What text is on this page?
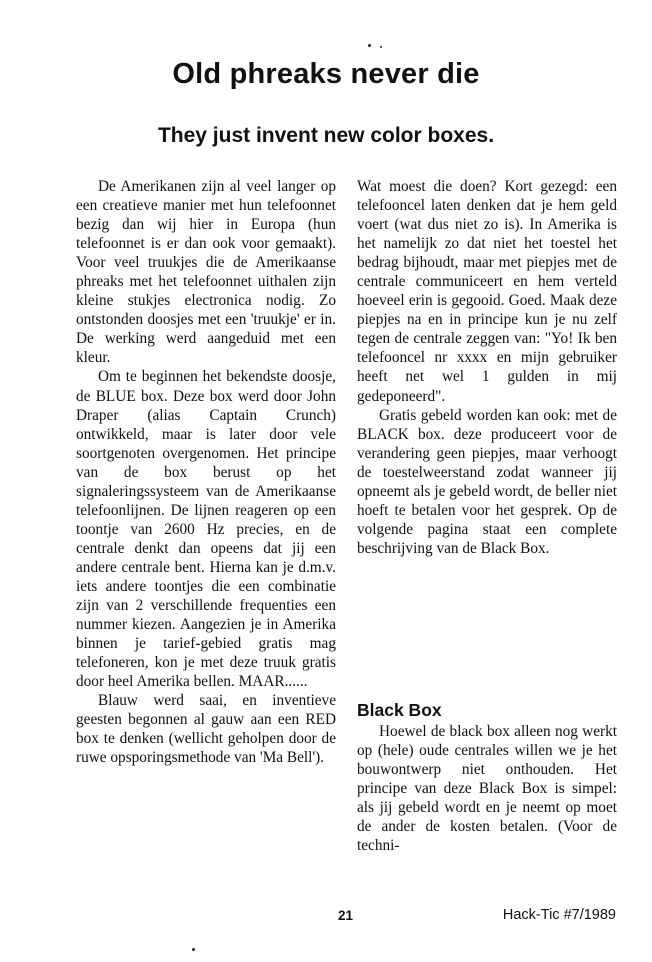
Old phreaks never die
They just invent new color boxes.

De Amerikanen zijn al veel langer op een creatieve manier met hun telefoonnet bezig dan wij hier in Europa (hun telefoonnet is er dan ook voor gemaakt). Voor veel truukjes die de Amerikaanse phreaks met het telefoonnet uithalen zijn kleine stukjes electronica nodig. Zo ontstonden doosjes met een 'truukje' er in. De werking werd aangeduid met een kleur.

Om te beginnen het bekendste doosje, de BLUE box. Deze box werd door John Draper (alias Captain Crunch) ontwikkeld, maar is later door vele soortgenoten overgenomen. Het principe van de box berust op het signaleringssysteem van de Amerikaanse telefoonlijnen. De lijnen reageren op een toontje van 2600 Hz precies, en de centrale denkt dan opeens dat jij een andere centrale bent. Hierna kan je d.m.v. iets andere toontjes die een combinatie zijn van 2 verschillende frequenties een nummer kiezen. Aangezien je in Amerika binnen je tarief-gebied gratis mag telefoneren, kon je met deze truuk gratis door heel Amerika bellen. MAAR......

Blauw werd saai, en inventieve geesten begonnen al gauw aan een RED box te denken (wellicht geholpen door de ruwe opsporingsmethode van 'Ma Bell').

Wat moest die doen? Kort gezegd: een telefooncel laten denken dat je hem geld voert (wat dus niet zo is). In Amerika is het namelijk zo dat niet het toestel het bedrag bijhoudt, maar met piepjes met de centrale communiceert en hem verteld hoeveel erin is gegooid. Goed. Maak deze piepjes na en in principe kun je nu zelf tegen de centrale zeggen van: "Yo! Ik ben telefooncel nr xxxx en mijn gebruiker heeft net wel 1 gulden in mij gedeponeerd".

Gratis gebeld worden kan ook: met de BLACK box. deze produceert voor de verandering geen piepjes, maar verhoogt de toestelweerstand zodat wanneer jij opneemt als je gebeld wordt, de beller niet hoeft te betalen voor het gesprek. Op de volgende pagina staat een complete beschrijving van de Black Box.

Black Box

Hoewel de black box alleen nog werkt op (hele) oude centrales willen we je het bouwontwerp niet onthouden. Het principe van deze Black Box is simpel: als jij gebeld wordt en je neemt op moet de ander de kosten betalen. (Voor de techni-

21	Hack-Tic #7/1989
